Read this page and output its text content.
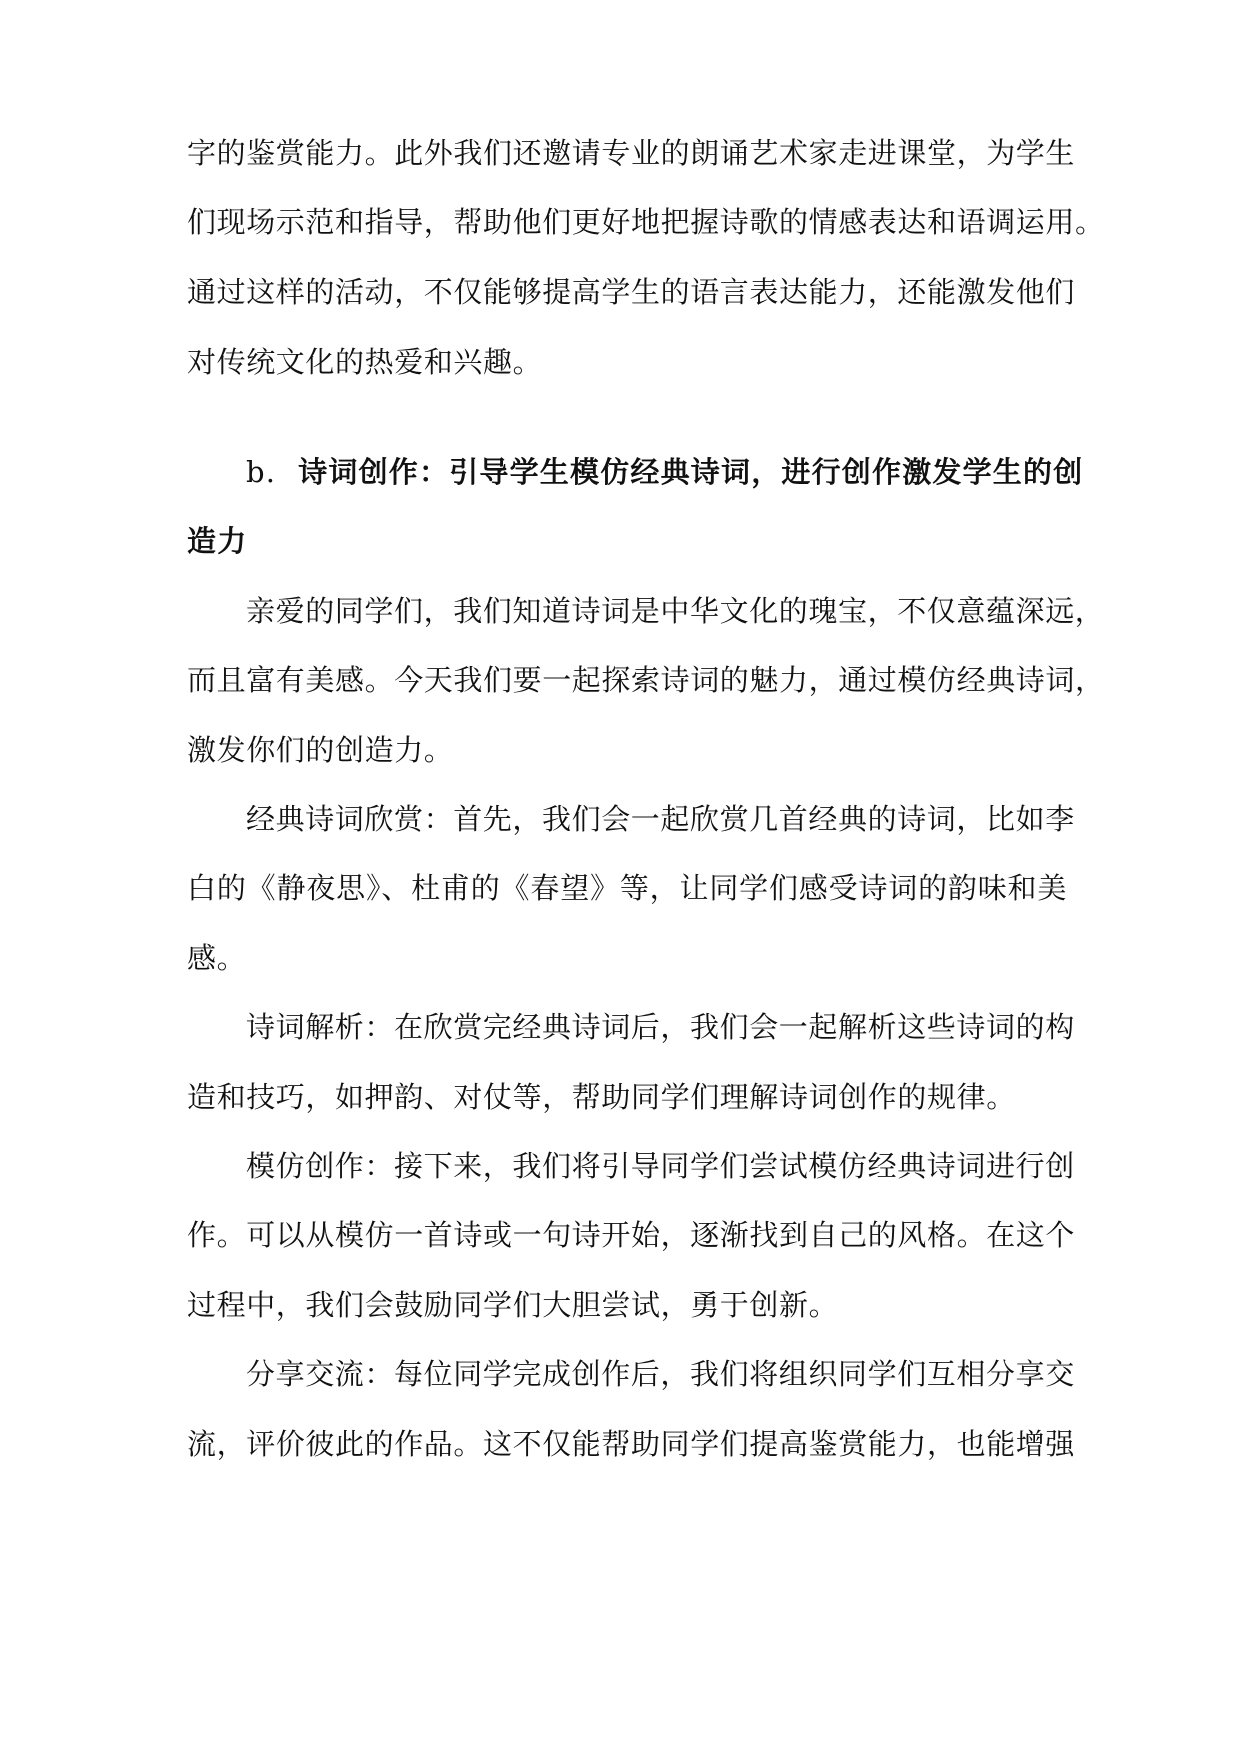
字的鉴赏能力。此外我们还邀请专业的朗诵艺术家走进课堂，为学生
们现场示范和指导，帮助他们更好地把握诗歌的情感表达和语调运用。
通过这样的活动，不仅能够提高学生的语言表达能力，还能激发他们
对传统文化的热爱和兴趣。
b. 诗词创作：引导学生模仿经典诗词，进行创作激发学生的创
造力
亲爱的同学们，我们知道诗词是中华文化的瑰宝，不仅意蕴深远，
而且富有美感。今天我们要一起探索诗词的魅力，通过模仿经典诗词，
激发你们的创造力。
经典诗词欣赏：首先，我们会一起欣赏几首经典的诗词，比如李
白的《静夜思》、杜甫的《春望》等，让同学们感受诗词的韵味和美
感。
诗词解析：在欣赏完经典诗词后，我们会一起解析这些诗词的构
造和技巧，如押韵、对仗等，帮助同学们理解诗词创作的规律。
模仿创作：接下来，我们将引导同学们尝试模仿经典诗词进行创
作。可以从模仿一首诗或一句诗开始，逐渐找到自己的风格。在这个
过程中，我们会鼓励同学们大胆尝试，勇于创新。
分享交流：每位同学完成创作后，我们将组织同学们互相分享交
流，评价彼此的作品。这不仅能帮助同学们提高鉴赏能力，也能增强
